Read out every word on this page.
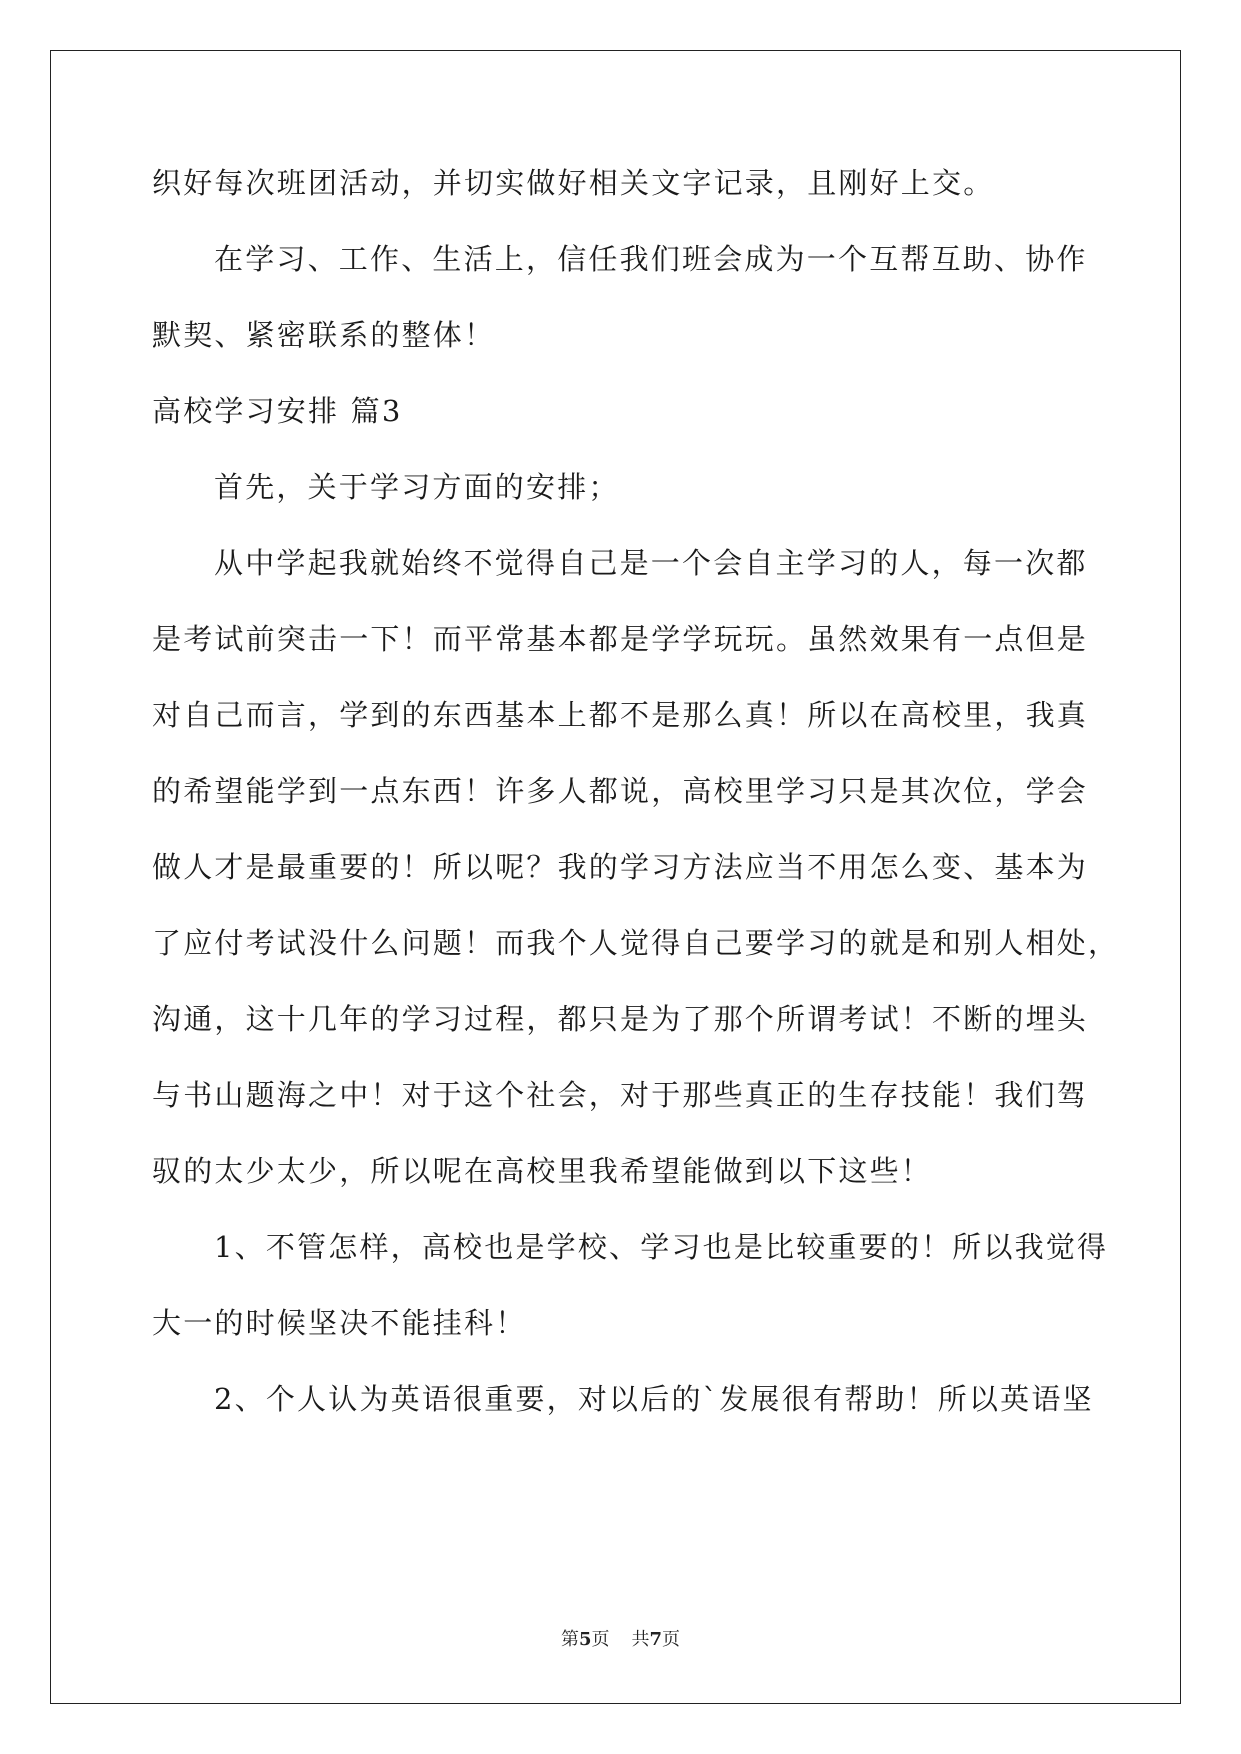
织好每次班团活动，并切实做好相关文字记录，且刚好上交。

在学习、工作、生活上，信任我们班会成为一个互帮互助、协作

默契、紧密联系的整体！

高校学习安排 篇3

首先，关于学习方面的安排；

从中学起我就始终不觉得自己是一个会自主学习的人，每一次都

是考试前突击一下！而平常基本都是学学玩玩。虽然效果有一点但是

对自己而言，学到的东西基本上都不是那么真！所以在高校里，我真

的希望能学到一点东西！许多人都说，高校里学习只是其次位，学会

做人才是最重要的！所以呢？我的学习方法应当不用怎么变、基本为

了应付考试没什么问题！而我个人觉得自己要学习的就是和别人相处，

沟通，这十几年的学习过程，都只是为了那个所谓考试！不断的埋头

与书山题海之中！对于这个社会，对于那些真正的生存技能！我们驾

驭的太少太少，所以呢在高校里我希望能做到以下这些！

1、不管怎样，高校也是学校、学习也是比较重要的！所以我觉得

大一的时候坚决不能挂科！

2、个人认为英语很重要，对以后的`发展很有帮助！所以英语坚

第5页 共7页
